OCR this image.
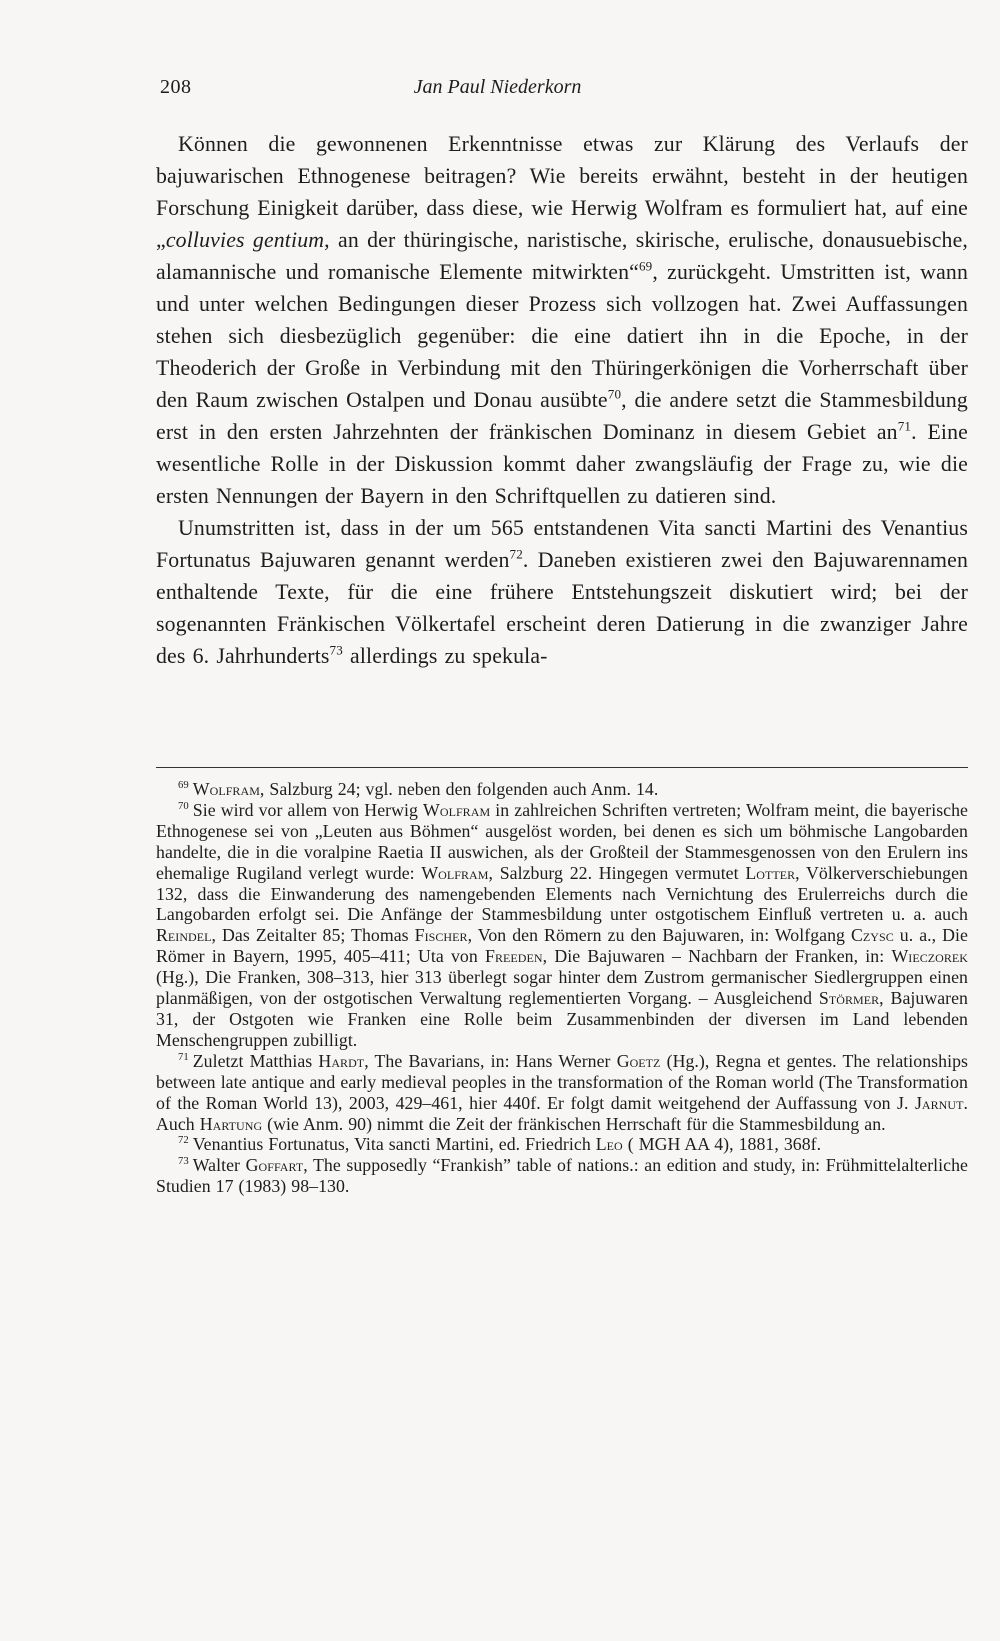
208	Jan Paul Niederkorn

Können die gewonnenen Erkenntnisse etwas zur Klärung des Verlaufs der bajuwarischen Ethnogenese beitragen? Wie bereits erwähnt, besteht in der heutigen Forschung Einigkeit darüber, dass diese, wie Herwig Wolfram es formuliert hat, auf eine „colluvies gentium, an der thüringische, naristische, skirische, erulische, donausuebische, alamannische und romanische Elemente mitwirkten“$^{69}$, zurückgeht. Umstritten ist, wann und unter welchen Bedingungen dieser Prozess sich vollzogen hat. Zwei Auffassungen stehen sich diesbezüglich gegenüber: die eine datiert ihn in die Epoche, in der Theoderich der Große in Verbindung mit den Thüringerkönigen die Vorherrschaft über den Raum zwischen Ostalpen und Donau ausübte$^{70}$, die andere setzt die Stammesbildung erst in den ersten Jahrzehnten der fränkischen Dominanz in diesem Gebiet $an^{71}$. Eine wesentliche Rolle in der Diskussion kommt daher zwangsläufig der Frage zu, wie die ersten Nennungen der Bayern in den Schriftquellen zu datieren sind.

Unumstritten ist, dass in der um 565 entstandenen Vita sancti Martini des Venantius Fortunatus Bajuwaren genannt werden$^{72}$. Daneben existieren zwei den Bajuwarennamen enthaltende Texte, für die eine frühere Entstehungszeit diskutiert wird; bei der sogenannten Fränkischen Völkertafel erscheint deren Datierung in die zwanziger Jahre des 6. Jahrhunderts$^{73}$ allerdings zu spekula-

$^{69}$ Wolfram, Salzburg 24; vgl. neben den folgenden auch Anm. 14.

$^{70}$ Sie wird vor allem von Herwig Wolfram in zahlreichen Schriften vertreten; Wolfram meint, die bayerische Ethnogenese sei von „Leuten aus Böhmen“ ausgelöst worden, bei denen es sich um böhmische Langobarden handelte, die in die voralpine Raetia II auswichen, als der Großteil der Stammesgenossen von den Erulern ins ehemalige Rugiland verlegt wurde: Wolfram, Salzburg 22. Hingegen vermutet Lotter, Völkerverschiebungen 132, dass die Einwanderung des namengebenden Elements nach Vernichtung des Erulerreichs durch die Langobarden erfolgt sei. Die Anfänge der Stammesbildung unter ostgotischem Einfluß vertreten u. a. auch Reindel, Das Zeitalter 85; Thomas Fischer, Von den Römern zu den Bajuwaren, in: Wolfgang Czysc u. a., Die Römer in Bayern, 1995, 405–411; Uta von Freeden, Die Bajuwaren – Nachbarn der Franken, in: Wieczorek (Hg.), Die Franken, 308–313, hier 313 überlegt sogar hinter dem Zustrom germanischer Siedlergruppen einen planmäßigen, von der ostgotischen Verwaltung reglementierten Vorgang. – Ausgleichend Störmer, Bajuwaren 31, der Ostgoten wie Franken eine Rolle beim Zusammenbinden der diversen im Land lebenden Menschengruppen zubilligt.

$^{71}$ Zuletzt Matthias Hardt, The Bavarians, in: Hans Werner Goetz (Hg.), Regna et gentes. The relationships between late antique and early medieval peoples in the transformation of the Roman world (The Transformation of the Roman World 13), 2003, 429–461, hier 440f. Er folgt damit weitgehend der Auffassung von J. Jarnut. Auch Hartung (wie Anm. 90) nimmt die Zeit der fränkischen Herrschaft für die Stammesbildung an.

$^{72}$ Venantius Fortunatus, Vita sancti Martini, ed. Friedrich Leo ( MGH AA 4), 1881, 368f.

$^{73}$ Walter Goffart, The supposedly “Frankish” table of nations.: an edition and study, in: Frühmittelalterliche Studien 17 (1983) 98–130.
